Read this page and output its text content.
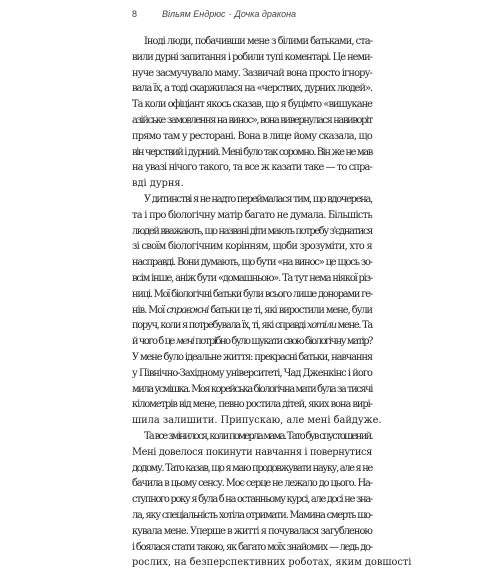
8	Вільям Ендрюс · Дочка дракона
Іноді люди, побачивши мене з білими батьками, ста-
вили дурні запитання і робили тупі коментарі. Це неми-
нуче засмучувало маму. Зазвичай вона просто ігнору-
вала їх, а тоді скаржилася на «черствих, дурних людей».
Та коли офіціант якось сказав, що я буцімто «вишукане
азійське замовлення на винос», вона вивернулася навиворіт
прямо там у ресторані. Вона в лице йому сказала, що
він черствий і дурний. Мені було так соромно. Він же не мав
на увазі нічого такого, та все ж казати таке — то спра-
вді дурня.
У дитинстві я не надто переймалася тим, що вдочерена,
та і про біологічну матір багато не думала. Більшість
людей вважають, що названі діти мають потребу з'єднатися
зі своїм біологічним корінням, щоби зрозуміти, хто я
насправді. Вони думають, що бути «на винос» це щось зо-
всім інше, аніж бути «домашньою». Та тут нема ніякої різ-
ниці. Мої біологічні батьки були всього лише донорами ге-
нів. Мої справжні батьки це ті, які виростили мене, були
поруч, коли я потребувала їх, ті, які справді хотіли мене. Та
й чого б це мені потрібно було шукати свою біологічну матір?
У мене було ідеальне життя: прекрасні батьки, навчання
у Північно-Західному університеті, Чад Дженкінс і його
мила усмішка. Моя корейська біологічна мати була за тисячі
кілометрів від мене, певно ростила дітей, яких вона вирі-
шила залишити. Припускаю, але мені байдуже.
Та все змінилося, коли померла мама. Тато був спустошений.
Мені довелося покинути навчання і повернутися
додому. Тато казав, що я маю продовжувати науку, але я не
бачила в цьому сенсу. Моє серце не лежало до цього. На-
ступного року я була б на останньому курсі, але досі не зна-
ла, яку спеціальність хотіла отримати. Мамина смерть шо-
кувала мене. Уперше в житті я почувалася загубленою
і боялася стати такою, як багато моїх знайомих — ледь до-
рослих, на безперспективних роботах, яким довшості
